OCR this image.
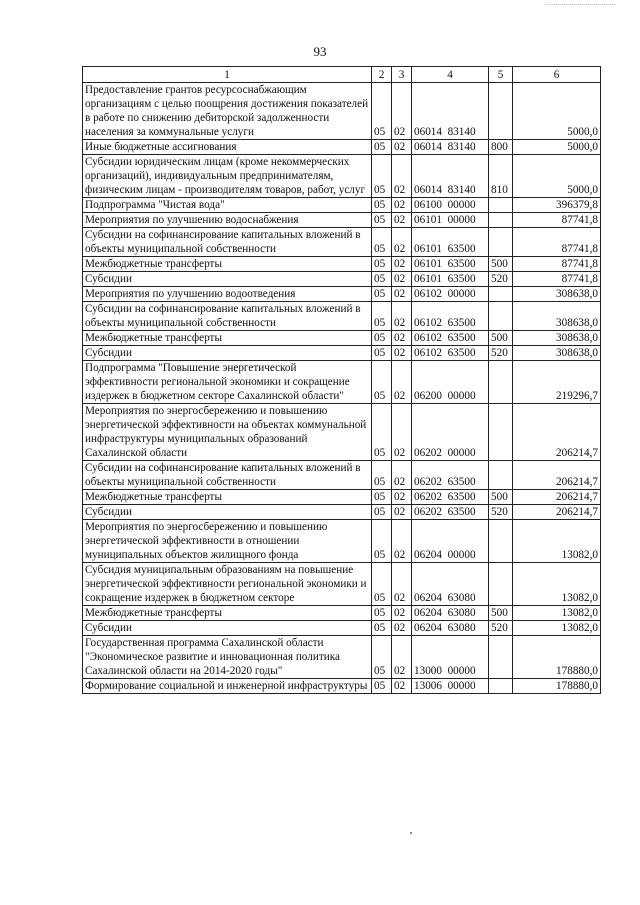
93
1	2	3	4	5	6
Предоставление грантов ресурсоснабжающим организациям с целью поощрения достижения показателей в работе по снижению дебиторской задолженности населения за коммунальные услуги	05	02	06014  83140		5000,0
Иные бюджетные ассигнования	05	02	06014  83140	800	5000,0
Субсидии юридическим лицам (кроме некоммерческих организаций), индивидуальным предпринимателям, физическим лицам - производителям товаров, работ, услуг	05	02	06014  83140	810	5000,0
Подпрограмма "Чистая вода"	05	02	06100  00000		396379,8
Мероприятия по улучшению водоснабжения	05	02	06101  00000		87741,8
Субсидии на софинансирование капитальных вложений в объекты муниципальной собственности	05	02	06101  63500		87741,8
Межбюджетные трансферты	05	02	06101  63500	500	87741,8
Субсидии	05	02	06101  63500	520	87741,8
Мероприятия по улучшению водоотведения	05	02	06102  00000		308638,0
Субсидии на софинансирование капитальных вложений в объекты муниципальной собственности	05	02	06102  63500		308638,0
Межбюджетные трансферты	05	02	06102  63500	500	308638,0
Субсидии	05	02	06102  63500	520	308638,0
Подпрограмма "Повышение энергетической эффективности региональной экономики и сокращение издержек в бюджетном секторе Сахалинской области"	05	02	06200  00000		219296,7
Мероприятия по энергосбережению и повышению энергетической эффективности на объектах коммунальной инфраструктуры муниципальных образований Сахалинской области	05	02	06202  00000		206214,7
Субсидии на софинансирование капитальных вложений в объекты муниципальной собственности	05	02	06202  63500		206214,7
Межбюджетные трансферты	05	02	06202  63500	500	206214,7
Субсидии	05	02	06202  63500	520	206214,7
Мероприятия по энергосбережению и повышению энергетической эффективности в отношении муниципальных объектов жилищного фонда	05	02	06204  00000		13082,0
Субсидия муниципальным образованиям на повышение энергетической эффективности региональной экономики и сокращение издержек в бюджетном секторе	05	02	06204  63080		13082,0
Межбюджетные трансферты	05	02	06204  63080	500	13082,0
Субсидии	05	02	06204  63080	520	13082,0
Государственная программа Сахалинской области "Экономическое развитие и инновационная политика Сахалинской области на 2014-2020 годы"	05	02	13000  00000		178880,0
Формирование социальной и инженерной инфраструктуры	05	02	13006  00000		178880,0
